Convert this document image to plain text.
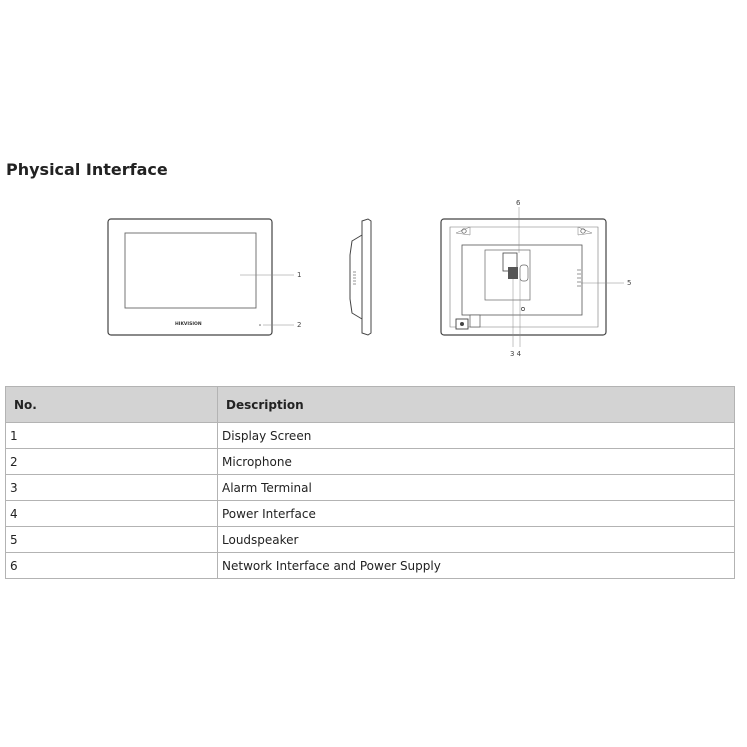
Physical Interface
HIKVISION
1
2
5
6
3 4
No.	Description
1	Display Screen
2	Microphone
3	Alarm Terminal
4	Power Interface
5	Loudspeaker
6	Network Interface and Power Supply
